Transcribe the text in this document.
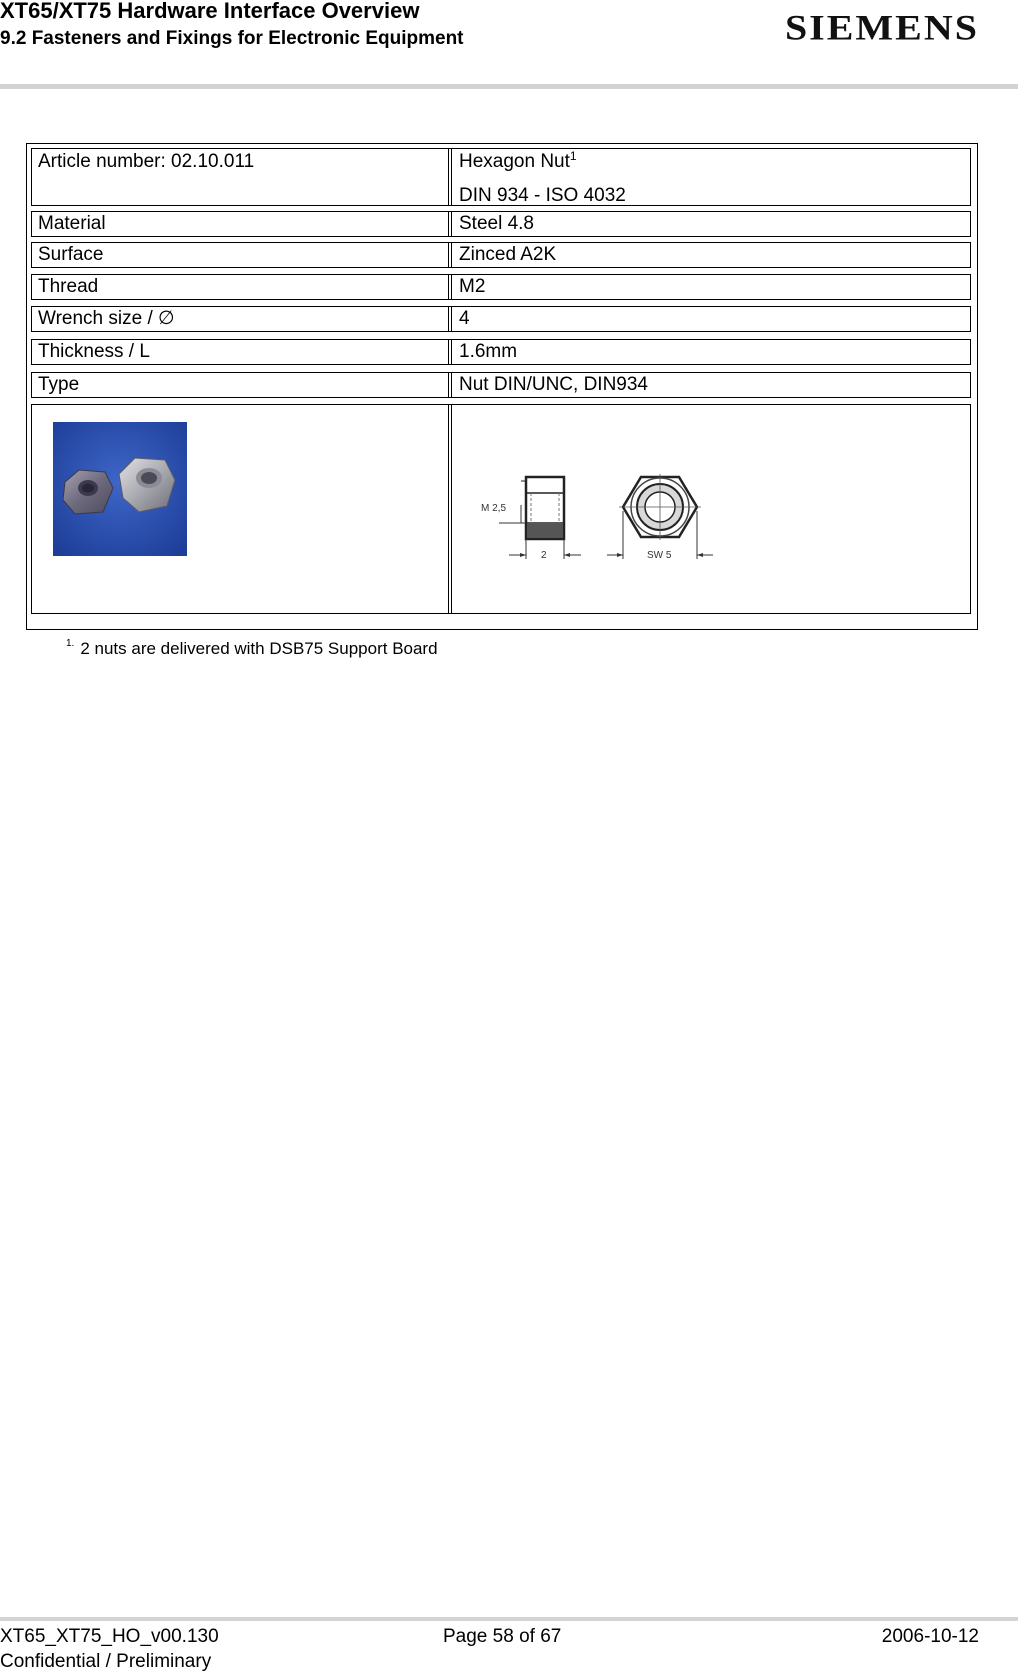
XT65/XT75 Hardware Interface Overview
9.2 Fasteners and Fixings for Electronic Equipment	SIEMENS
Article number: 02.10.011	Hexagon Nut$^1$
DIN 934 - ISO 4032
Material	Steel 4.8
Surface	Zinced A2K
Thread	M2
Wrench size / ∅	4
Thickness / L	1.6mm
Type	Nut DIN/UNC, DIN934
M 2,5
2	SW 5
$^{1.}$ 2 nuts are delivered with DSB75 Support Board
XT65_XT75_HO_v00.130
Confidential / Preliminary
Page 58 of 67	2006-10-12
